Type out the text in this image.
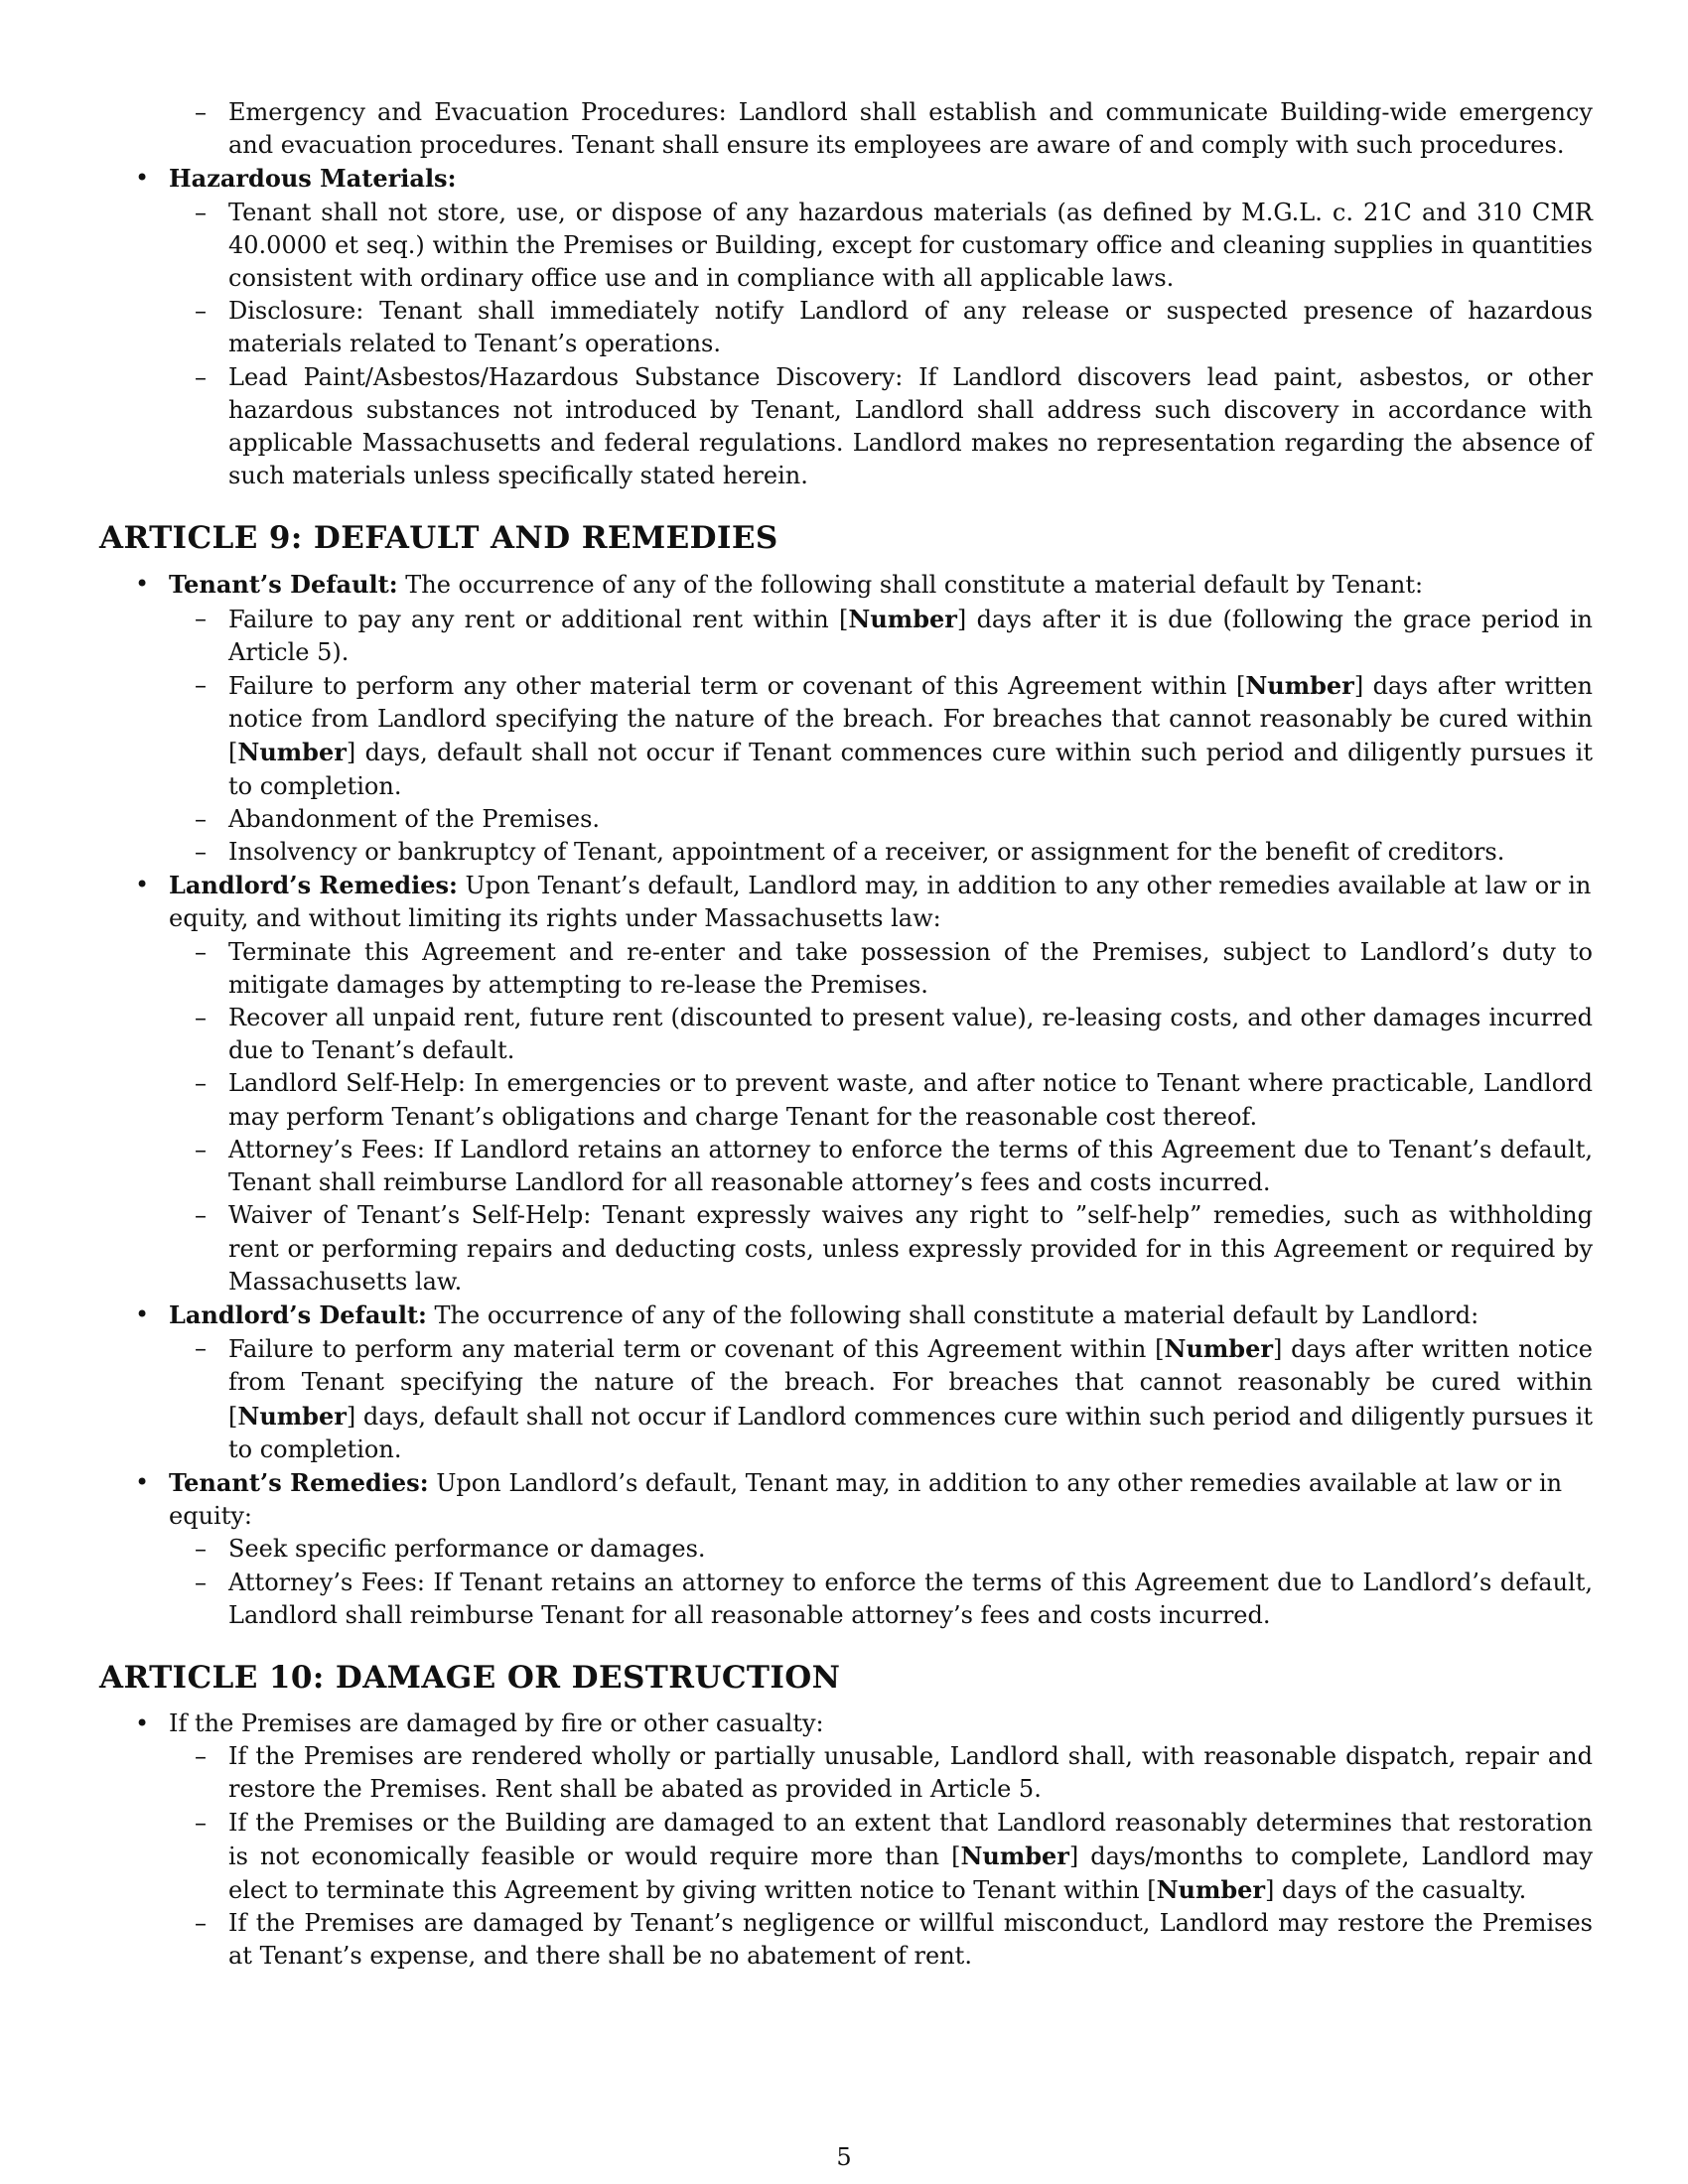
– Emergency and Evacuation Procedures: Landlord shall establish and communicate Building-wide emergency and evacuation procedures. Tenant shall ensure its employees are aware of and comply with such procedures.
• Hazardous Materials:
– Tenant shall not store, use, or dispose of any hazardous materials (as defined by M.G.L. c. 21C and 310 CMR 40.0000 et seq.) within the Premises or Building, except for customary office and cleaning supplies in quantities consistent with ordinary office use and in compliance with all applicable laws.
– Disclosure: Tenant shall immediately notify Landlord of any release or suspected presence of hazardous materials related to Tenant’s operations.
– Lead Paint/Asbestos/Hazardous Substance Discovery: If Landlord discovers lead paint, asbestos, or other hazardous substances not introduced by Tenant, Landlord shall address such discovery in accordance with applicable Massachusetts and federal regulations. Landlord makes no representation regarding the absence of such materials unless specifically stated herein.
ARTICLE 9: DEFAULT AND REMEDIES
• Tenant’s Default: The occurrence of any of the following shall constitute a material default by Tenant:
– Failure to pay any rent or additional rent within [Number] days after it is due (following the grace period in Article 5).
– Failure to perform any other material term or covenant of this Agreement within [Number] days after written notice from Landlord specifying the nature of the breach. For breaches that cannot reasonably be cured within [Number] days, default shall not occur if Tenant commences cure within such period and diligently pursues it to completion.
– Abandonment of the Premises.
– Insolvency or bankruptcy of Tenant, appointment of a receiver, or assignment for the benefit of creditors.
• Landlord’s Remedies: Upon Tenant’s default, Landlord may, in addition to any other remedies available at law or in equity, and without limiting its rights under Massachusetts law:
– Terminate this Agreement and re-enter and take possession of the Premises, subject to Landlord’s duty to mitigate damages by attempting to re-lease the Premises.
– Recover all unpaid rent, future rent (discounted to present value), re-leasing costs, and other damages incurred due to Tenant’s default.
– Landlord Self-Help: In emergencies or to prevent waste, and after notice to Tenant where practicable, Landlord may perform Tenant’s obligations and charge Tenant for the reasonable cost thereof.
– Attorney’s Fees: If Landlord retains an attorney to enforce the terms of this Agreement due to Tenant’s default, Tenant shall reimburse Landlord for all reasonable attorney’s fees and costs incurred.
– Waiver of Tenant’s Self-Help: Tenant expressly waives any right to ”self-help” remedies, such as withholding rent or performing repairs and deducting costs, unless expressly provided for in this Agreement or required by Massachusetts law.
• Landlord’s Default: The occurrence of any of the following shall constitute a material default by Landlord:
– Failure to perform any material term or covenant of this Agreement within [Number] days after written notice from Tenant specifying the nature of the breach. For breaches that cannot reasonably be cured within [Number] days, default shall not occur if Landlord commences cure within such period and diligently pursues it to completion.
• Tenant’s Remedies: Upon Landlord’s default, Tenant may, in addition to any other remedies available at law or in equity:
– Seek specific performance or damages.
– Attorney’s Fees: If Tenant retains an attorney to enforce the terms of this Agreement due to Landlord’s default, Landlord shall reimburse Tenant for all reasonable attorney’s fees and costs incurred.
ARTICLE 10: DAMAGE OR DESTRUCTION
• If the Premises are damaged by fire or other casualty:
– If the Premises are rendered wholly or partially unusable, Landlord shall, with reasonable dispatch, repair and restore the Premises. Rent shall be abated as provided in Article 5.
– If the Premises or the Building are damaged to an extent that Landlord reasonably determines that restoration is not economically feasible or would require more than [Number] days/months to complete, Landlord may elect to terminate this Agreement by giving written notice to Tenant within [Number] days of the casualty.
– If the Premises are damaged by Tenant’s negligence or willful misconduct, Landlord may restore the Premises at Tenant’s expense, and there shall be no abatement of rent.
5
